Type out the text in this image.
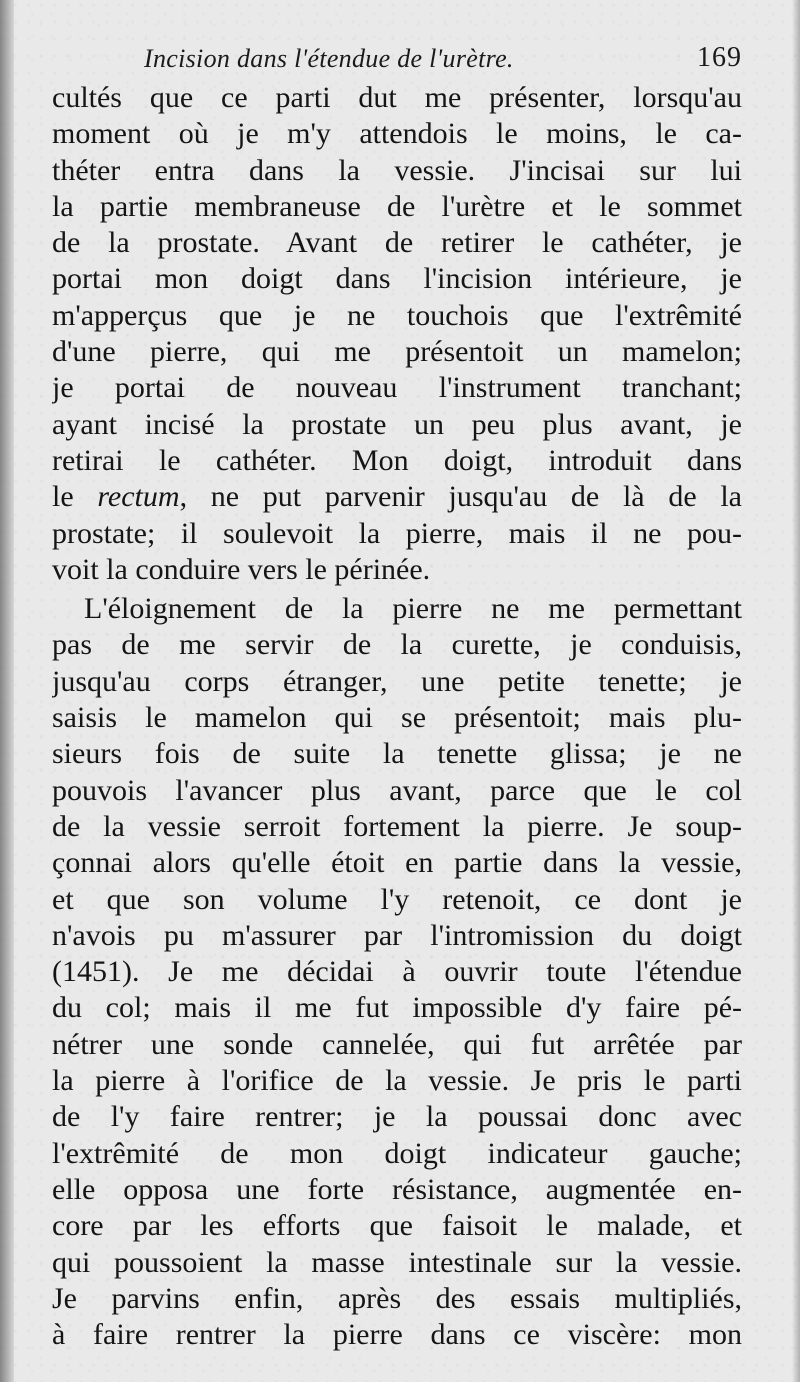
Incision dans l'étendue de l'urètre.	169
cultés que ce parti dut me présenter, lorsqu'au
moment où je m'y attendois le moins, le ca-
théter entra dans la vessie. J'incisai sur lui
la partie membraneuse de l'urètre et le sommet
de la prostate. Avant de retirer le cathéter, je
portai mon doigt dans l'incision intérieure, je
m'apperçus que je ne touchois que l'extrêmité
d'une pierre, qui me présentoit un mamelon;
je portai de nouveau l'instrument tranchant;
ayant incisé la prostate un peu plus avant, je
retirai le cathéter. Mon doigt, introduit dans
le rectum, ne put parvenir jusqu'au de là de la
prostate; il soulevoit la pierre, mais il ne pou-
voit la conduire vers le périnée.
L'éloignement de la pierre ne me permettant
pas de me servir de la curette, je conduisis,
jusqu'au corps étranger, une petite tenette; je
saisis le mamelon qui se présentoit; mais plu-
sieurs fois de suite la tenette glissa; je ne
pouvois l'avancer plus avant, parce que le col
de la vessie serroit fortement la pierre. Je soup-
çonnai alors qu'elle étoit en partie dans la vessie,
et que son volume l'y retenoit, ce dont je
n'avois pu m'assurer par l'intromission du doigt
(1451). Je me décidai à ouvrir toute l'étendue
du col; mais il me fut impossible d'y faire pé-
nétrer une sonde cannelée, qui fut arrêtée par
la pierre à l'orifice de la vessie. Je pris le parti
de l'y faire rentrer; je la poussai donc avec
l'extrêmité de mon doigt indicateur gauche;
elle opposa une forte résistance, augmentée en-
core par les efforts que faisoit le malade, et
qui poussoient la masse intestinale sur la vessie.
Je parvins enfin, après des essais multipliés,
à faire rentrer la pierre dans ce viscère: mon
